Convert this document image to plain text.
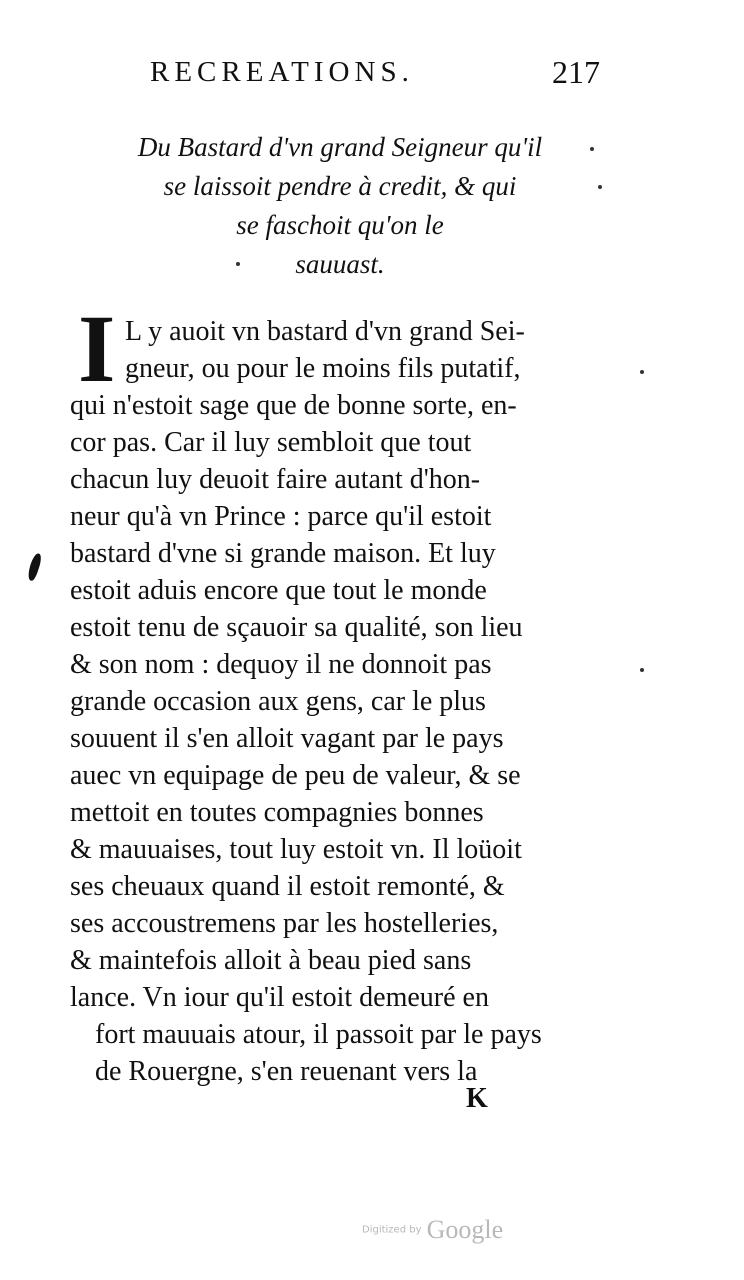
RECREATIONS.	217
Du Bastard d'vn grand Seigneur qu'il
se laissoit pendre à credit, & qui
se faschoit qu'on le
sauuast.
I L y auoit vn bastard d'vn grand Sei-
gneur, ou pour le moins fils putatif,
qui n'estoit sage que de bonne sorte, en-
cor pas. Car il luy sembloit que tout
chacun luy deuoit faire autant d'hon-
neur qu'à vn Prince : parce qu'il estoit
bastard d'vne si grande maison. Et luy
estoit aduis encore que tout le monde
estoit tenu de sçauoir sa qualité, son lieu
& son nom : dequoy il ne donnoit pas
grande occasion aux gens, car le plus
souuent il s'en alloit vagant par le pays
auec vn equipage de peu de valeur, & se
mettoit en toutes compagnies bonnes
& mauuaises, tout luy estoit vn. Il loüoit
ses cheuaux quand il estoit remonté, &
ses accoustremens par les hostelleries,
& maintefois alloit à beau pied sans
lance. Vn iour qu'il estoit demeuré en
fort mauuais atour, il passoit par le pays
de Rouergne, s'en reuenant vers la
K
Digitized by Google
